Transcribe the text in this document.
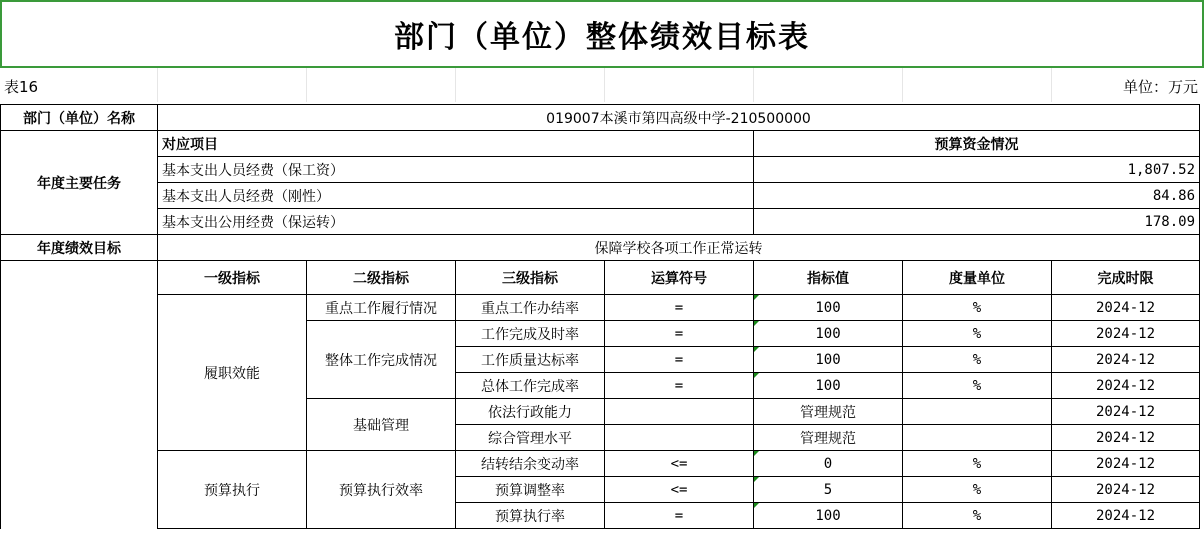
部门（单位）整体绩效目标表
表16	单位：万元
部门（单位）名称	019007本溪市第四高级中学-210500000						
年度主要任务	对应项目				预算资金情况		
	基本支出人员经费（保工资）				1,807.52		
	基本支出人员经费（刚性）				84.86		
	基本支出公用经费（保运转）				178.09		
年度绩效目标	保障学校各项工作正常运转						
	一级指标	二级指标	三级指标	运算符号	指标值	度量单位	完成时限
	履职效能	重点工作履行情况	重点工作办结率	=	100	%	2024-12
		整体工作完成情况	工作完成及时率	=	100	%	2024-12
			工作质量达标率	=	100	%	2024-12
			总体工作完成率	=	100	%	2024-12
		基础管理	依法行政能力		管理规范		2024-12
			综合管理水平		管理规范		2024-12
	预算执行	预算执行效率	结转结余变动率	<=	0	%	2024-12
			预算调整率	<=	5	%	2024-12
			预算执行率	=	100	%	2024-12
